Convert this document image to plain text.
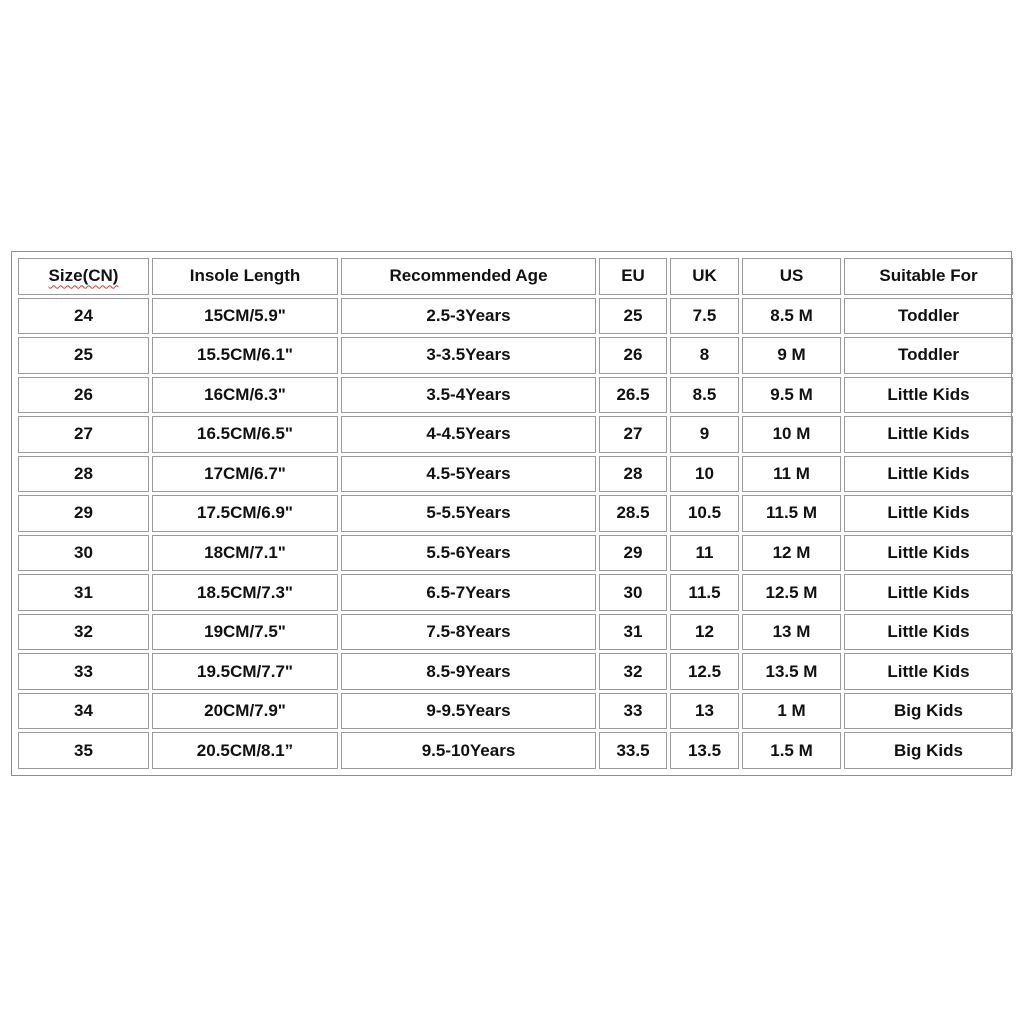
Size(CN)	Insole Length	Recommended Age	EU	UK	US	Suitable For
24	15CM/5.9"	2.5-3Years	25	7.5	8.5 M	Toddler
25	15.5CM/6.1"	3-3.5Years	26	8	9 M	Toddler
26	16CM/6.3"	3.5-4Years	26.5	8.5	9.5 M	Little Kids
27	16.5CM/6.5"	4-4.5Years	27	9	10 M	Little Kids
28	17CM/6.7"	4.5-5Years	28	10	11 M	Little Kids
29	17.5CM/6.9"	5-5.5Years	28.5	10.5	11.5 M	Little Kids
30	18CM/7.1"	5.5-6Years	29	11	12 M	Little Kids
31	18.5CM/7.3"	6.5-7Years	30	11.5	12.5 M	Little Kids
32	19CM/7.5"	7.5-8Years	31	12	13 M	Little Kids
33	19.5CM/7.7"	8.5-9Years	32	12.5	13.5 M	Little Kids
34	20CM/7.9"	9-9.5Years	33	13	1 M	Big Kids
35	20.5CM/8.1”	9.5-10Years	33.5	13.5	1.5 M	Big Kids
